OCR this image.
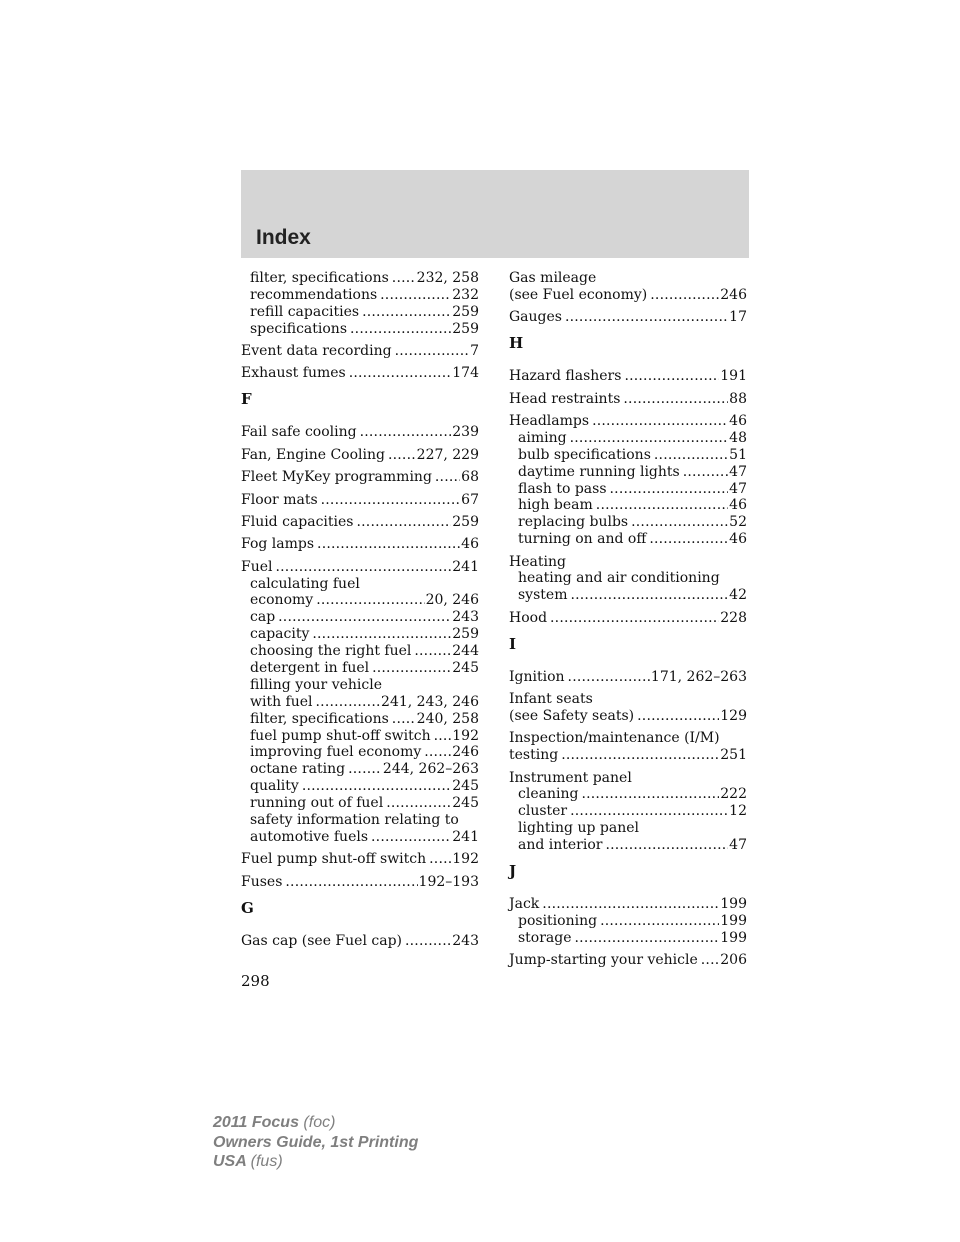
Index
filter, specifications ..... 232, 258
recommendations .....	232
refill capacities .....	259
specifications .....	259
Event data recording .....	7
Exhaust fumes .....	174
F
Fail safe cooling .....	239
Fan, Engine Cooling ..... 227, 229
Fleet MyKey programming ..... 68
Floor mats .....	67
Fluid capacities .....	259
Fog lamps .....	46
Fuel .....	241
calculating fuel
economy .....	20, 246
cap .....	243
capacity .....	259
choosing the right fuel .....	244
detergent in fuel .....	245
filling your vehicle
with fuel .....	241, 243, 246
filter, specifications ..... 240, 258
fuel pump shut-off switch ..... 192
improving fuel economy ..... 246
octane rating .....	244, 262–263
quality .....	245
running out of fuel .....	245
safety information relating to
automotive fuels .....	241
Fuel pump shut-off switch ..... 192
Fuses .....	192–193
G
Gas cap (see Fuel cap) .....	243
Gas mileage
(see Fuel economy) .....	246
Gauges .....	17
H
Hazard flashers .....	191
Head restraints .....	88
Headlamps .....	46
aiming .....	48
bulb specifications .....	51
daytime running lights .....	47
flash to pass .....	47
high beam .....	46
replacing bulbs .....	52
turning on and off .....	46
Heating
heating and air conditioning
system .....	42
Hood .....	228
I
Ignition .....	171, 262–263
Infant seats
(see Safety seats) .....	129
Inspection/maintenance (I/M)
testing .....	251
Instrument panel
cleaning .....	222
cluster .....	12
lighting up panel
and interior .....	47
J
Jack .....	199
positioning .....	199
storage .....	199
Jump-starting your vehicle ..... 206
298
2011 Focus (foc)
Owners Guide, 1st Printing
USA (fus)
